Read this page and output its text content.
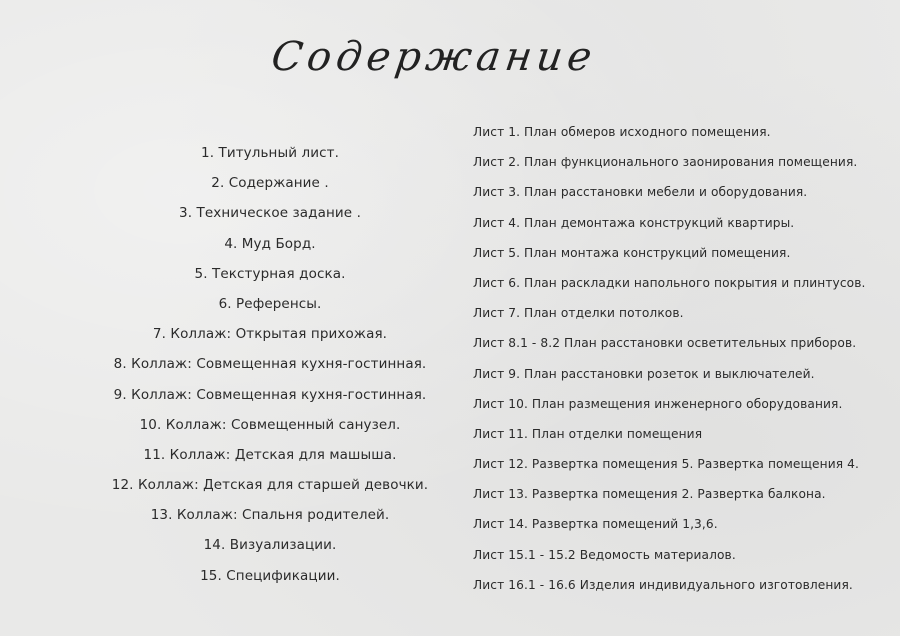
Содержание
1. Титульный лист.
2. Содержание .
3. Техническое задание .
4. Муд Борд.
5. Текстурная доска.
6. Референсы.
7. Коллаж: Открытая прихожая.
8. Коллаж: Совмещенная кухня-гостинная.
9. Коллаж: Совмещенная кухня-гостинная.
10. Коллаж: Совмещенный санузел.
11. Коллаж: Детская для машыша.
12. Коллаж: Детская для старшей девочки.
13. Коллаж: Спальня родителей.
14. Визуализации.
15. Спецификации.
Лист 1. План обмеров исходного помещения.
Лист 2. План функционального заонирования помещения.
Лист 3. План расстановки мебели и оборудования.
Лист 4. План демонтажа конструкций квартиры.
Лист 5. План монтажа конструкций помещения.
Лист 6. План раскладки напольного покрытия и плинтусов.
Лист 7. План отделки потолков.
Лист 8.1 - 8.2 План расстановки осветительных приборов.
Лист 9. План расстановки розеток и выключателей.
Лист 10. План размещения инженерного оборудования.
Лист 11. План отделки помещения
Лист 12. Развертка помещения 5. Развертка помещения 4.
Лист 13. Развертка помещения 2. Развертка балкона.
Лист 14. Развертка помещений 1,3,6.
Лист 15.1 - 15.2 Ведомость материалов.
Лист 16.1 - 16.6 Изделия индивидуального изготовления.
